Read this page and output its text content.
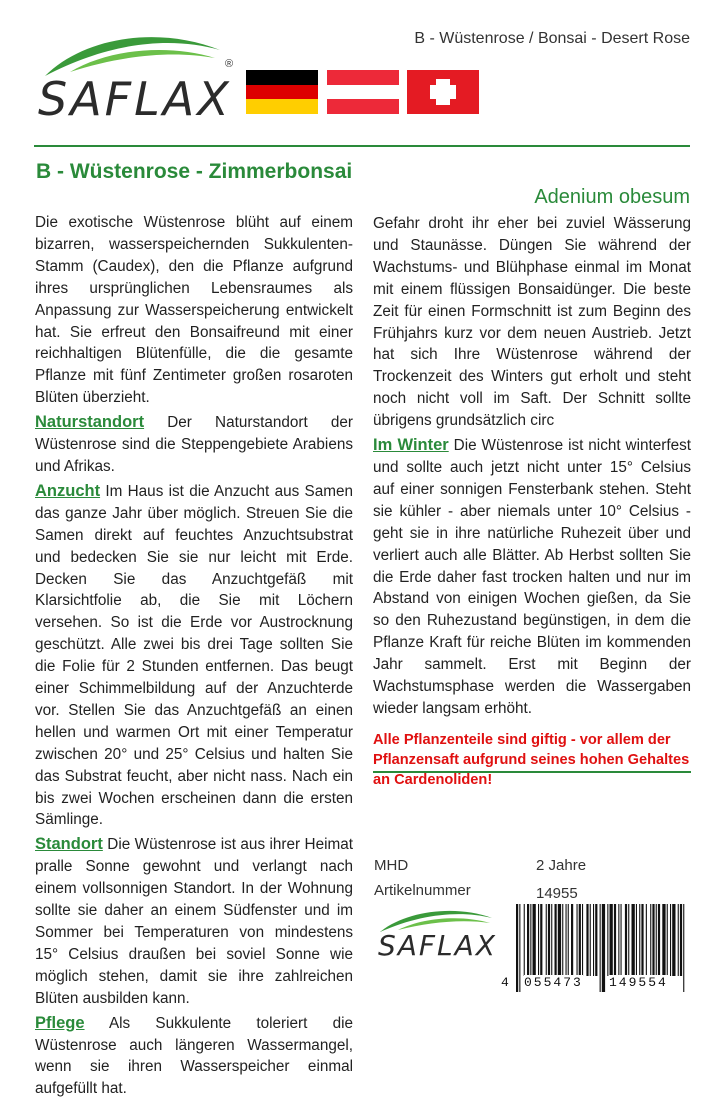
SAFLAX
®
B - Wüstenrose / Bonsai - Desert Rose
B - Wüstenrose - Zimmerbonsai
Adenium obesum

Die exotische Wüstenrose blüht auf einem bizarren, wasserspeichernden Sukkulenten-Stamm (Caudex), den die Pflanze aufgrund ihres ursprünglichen Lebensraumes als Anpassung zur Wasserspeicherung entwickelt hat. Sie erfreut den Bonsaifreund mit einer reichhaltigen Blütenfülle, die die gesamte Pflanze mit fünf Zentimeter großen rosaroten Blüten überzieht.

Naturstandort Der Naturstandort der Wüstenrose sind die Steppengebiete Arabiens und Afrikas.

Anzucht Im Haus ist die Anzucht aus Samen das ganze Jahr über möglich. Streuen Sie die Samen direkt auf feuchtes Anzuchtsubstrat und bedecken Sie sie nur leicht mit Erde. Decken Sie das Anzuchtgefäß mit Klarsichtfolie ab, die Sie mit Löchern versehen. So ist die Erde vor Austrocknung geschützt. Alle zwei bis drei Tage sollten Sie die Folie für 2 Stunden entfernen. Das beugt einer Schimmelbildung auf der Anzuchterde vor. Stellen Sie das Anzuchtgefäß an einen hellen und warmen Ort mit einer Temperatur zwischen 20° und 25° Celsius und halten Sie das Substrat feucht, aber nicht nass. Nach ein bis zwei Wochen erscheinen dann die ersten Sämlinge.

Standort Die Wüstenrose ist aus ihrer Heimat pralle Sonne gewohnt und verlangt nach einem vollsonnigen Standort. In der Wohnung sollte sie daher an einem Südfenster und im Sommer bei Temperaturen von mindestens 15° Celsius draußen bei soviel Sonne wie möglich stehen, damit sie ihre zahlreichen Blüten ausbilden kann.

Pflege Als Sukkulente toleriert die Wüstenrose auch längeren Wassermangel, wenn sie ihren Wasserspeicher einmal aufgefüllt hat.

Gefahr droht ihr eher bei zuviel Wässerung und Staunässe. Düngen Sie während der Wachstums- und Blühphase einmal im Monat mit einem flüssigen Bonsaidünger. Die beste Zeit für einen Formschnitt ist zum Beginn des Frühjahrs kurz vor dem neuen Austrieb. Jetzt hat sich Ihre Wüstenrose während der Trockenzeit des Winters gut erholt und steht noch nicht voll im Saft. Der Schnitt sollte übrigens grundsätzlich circ

Im Winter Die Wüstenrose ist nicht winterfest und sollte auch jetzt nicht unter 15° Celsius auf einer sonnigen Fensterbank stehen. Steht sie kühler - aber niemals unter 10° Celsius - geht sie in ihre natürliche Ruhezeit über und verliert auch alle Blätter. Ab Herbst sollten Sie die Erde daher fast trocken halten und nur im Abstand von einigen Wochen gießen, da Sie so den Ruhezustand begünstigen, in dem die Pflanze Kraft für reiche Blüten im kommenden Jahr sammelt. Erst mit Beginn der Wachstumsphase werden die Wassergaben wieder langsam erhöht.

Alle Pflanzenteile sind giftig - vor allem der Pflanzensaft aufgrund seines hohen Gehaltes an Cardenoliden!

MHD	2 Jahre
Artikelnummer	14955
SAFLAX
4 055473 149554
